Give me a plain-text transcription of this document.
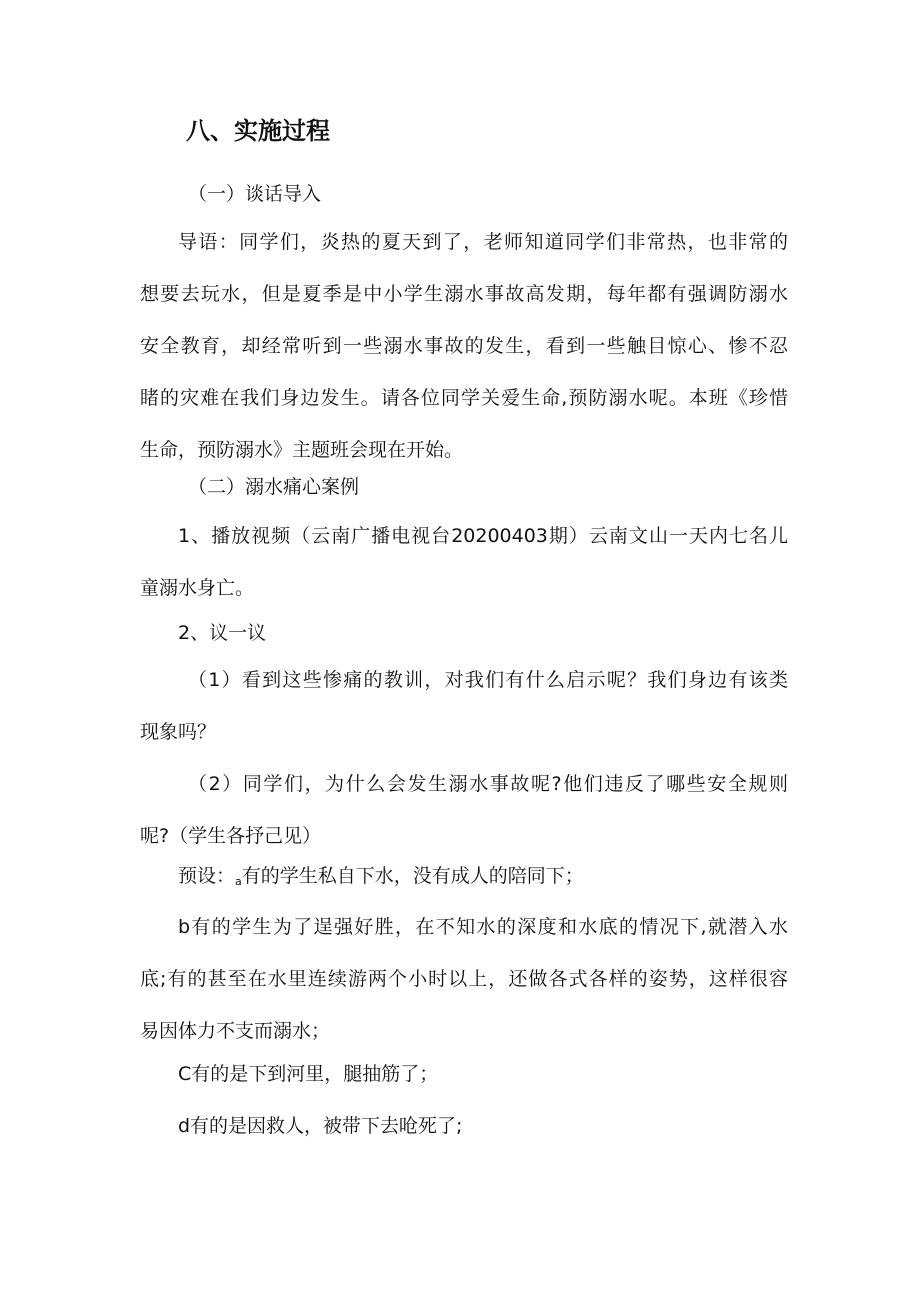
八、实施过程

（一）谈话导入

导语：同学们，炎热的夏天到了，老师知道同学们非常热，也非常的
想要去玩水，但是夏季是中小学生溺水事故高发期，每年都有强调防溺水
安全教育，却经常听到一些溺水事故的发生，看到一些触目惊心、惨不忍
睹的灾难在我们身边发生。请各位同学关爱生命,预防溺水呢。本班《珍惜
生命，预防溺水》主题班会现在开始。

（二）溺水痛心案例

1、播放视频（云南广播电视台20200403期）云南文山一天内七名儿
童溺水身亡。

2、议一议

（1）看到这些惨痛的教训，对我们有什么启示呢？我们身边有该类
现象吗？
（2）同学们，为什么会发生溺水事故呢?他们违反了哪些安全规则
呢?（学生各抒己见）

预设：a有的学生私自下水，没有成人的陪同下；

b有的学生为了逞强好胜，在不知水的深度和水底的情况下,就潜入水
底;有的甚至在水里连续游两个小时以上，还做各式各样的姿势，这样很容
易因体力不支而溺水；

C有的是下到河里，腿抽筋了；

d有的是因救人，被带下去呛死了;
